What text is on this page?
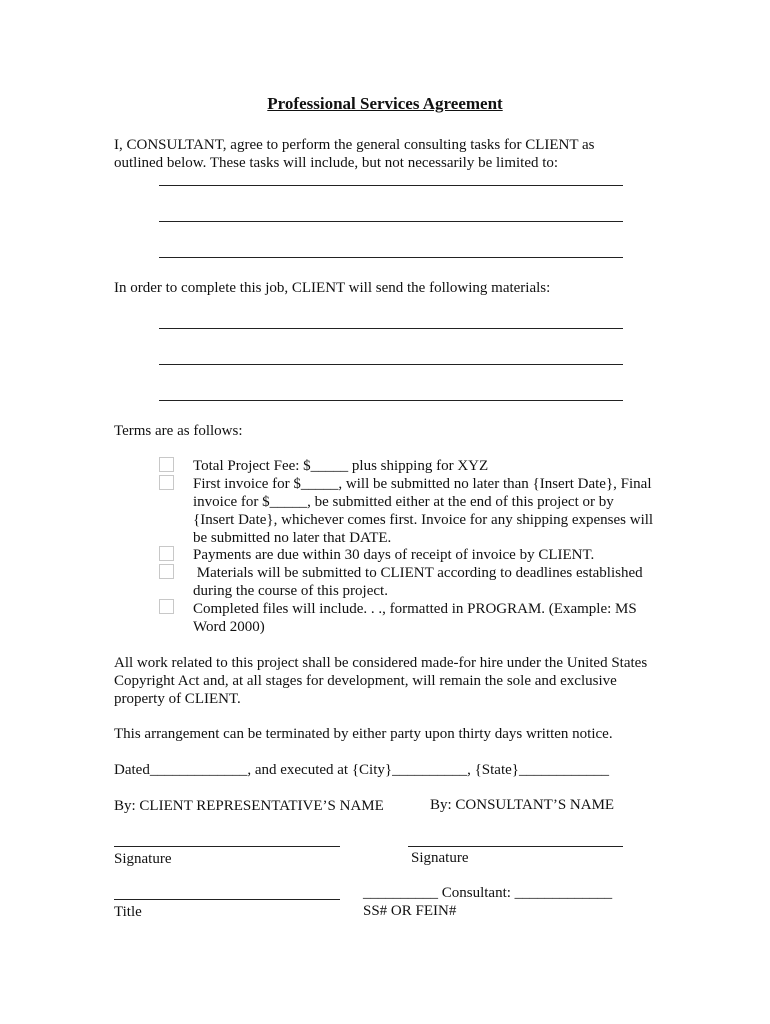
Professional Services Agreement
I, CONSULTANT, agree to perform the general consulting tasks for CLIENT as
outlined below. These tasks will include, but not necessarily be limited to:
In order to complete this job, CLIENT will send the following materials:
Terms are as follows:
Total Project Fee: $_____ plus shipping for XYZ
First invoice for $_____, will be submitted no later than {Insert Date}, Final
invoice for $_____, be submitted either at the end of this project or by
{Insert Date}, whichever comes first. Invoice for any shipping expenses will
be submitted no later that DATE.
Payments are due within 30 days of receipt of invoice by CLIENT.
Materials will be submitted to CLIENT according to deadlines established
during the course of this project.
Completed files will include. . ., formatted in PROGRAM. (Example: MS
Word 2000)
All work related to this project shall be considered made-for hire under the United States
Copyright Act and, at all stages for development, will remain the sole and exclusive
property of CLIENT.
This arrangement can be terminated by either party upon thirty days written notice.
Dated_____________, and executed at {City}__________, {State}____________
By: CLIENT REPRESENTATIVE’S NAME	By: CONSULTANT’S NAME
Signature	Signature
__________ Consultant: _____________
Title	SS# OR FEIN#
